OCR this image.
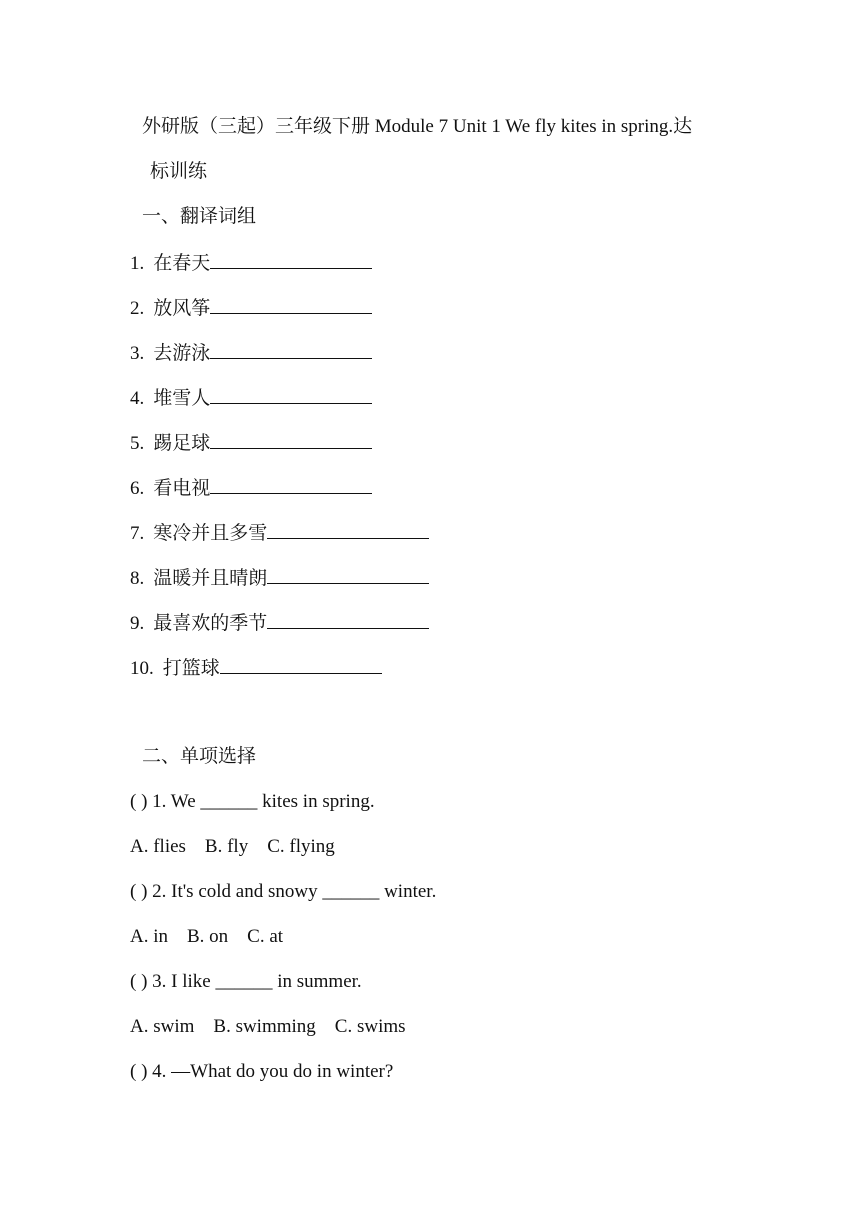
外研版（三起）三年级下册 Module 7 Unit 1 We fly kites in spring.达
标训练
一、翻译词组
1. 在春天
2. 放风筝
3. 去游泳
4. 堆雪人
5. 踢足球
6. 看电视
7. 寒冷并且多雪
8. 温暖并且晴朗
9. 最喜欢的季节
10. 打篮球
二、单项选择
( ) 1. We ______ kites in spring.
A. flies    B. fly    C. flying
( ) 2. It's cold and snowy ______ winter.
A. in    B. on    C. at
( ) 3. I like ______ in summer.
A. swim    B. swimming    C. swims
( ) 4. —What do you do in winter?
